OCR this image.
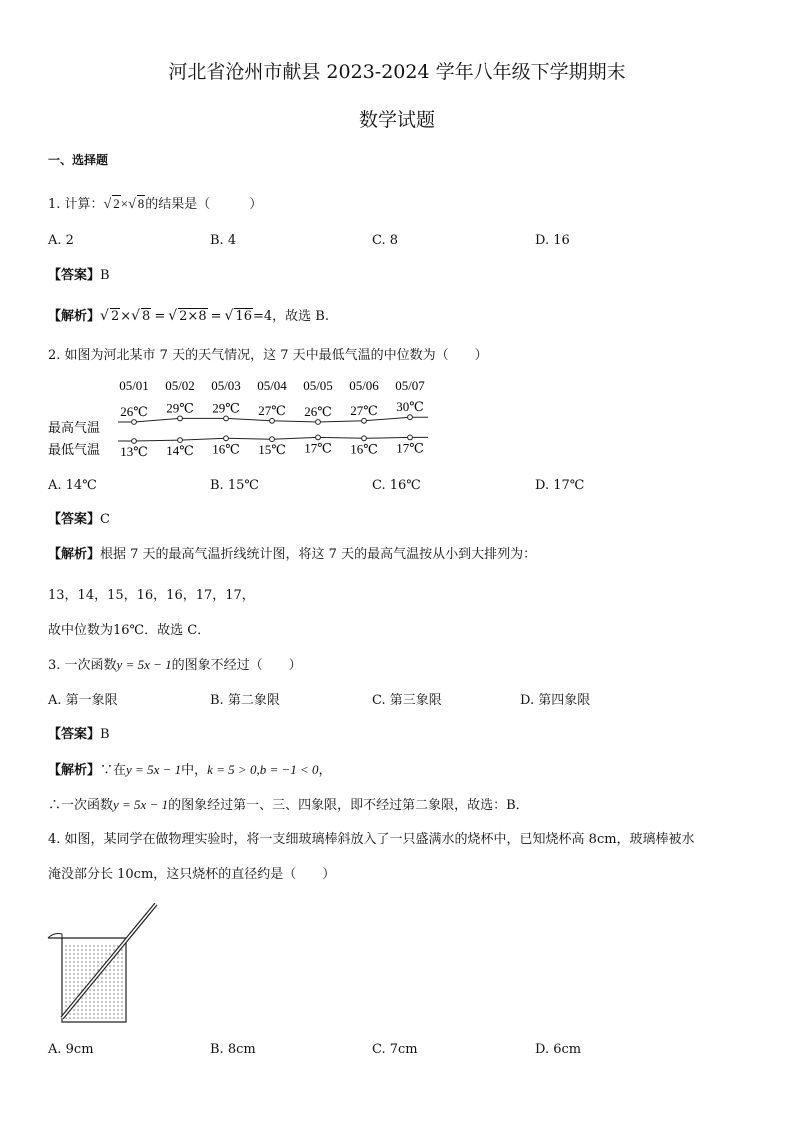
河北省沧州市献县 2023-2024 学年八年级下学期期末
数学试题
一、选择题
1. 计算：√ 2×√ 8的结果是（　　　）
A. 2	B. 4	C. 8	D. 16
【答案】B
【解析】√ 2×√ 8 = √ 2×8 = √ 16=4，故选 B.
2. 如图为河北某市 7 天的天气情况，这 7 天中最低气温的中位数为（　　）
05/01 05/02 05/03 05/04 05/05 05/06 05/07
最高气温
最低气温
26℃
13℃
29℃
14℃
29℃
16℃
27℃
15℃
26℃
17℃
27℃
16℃
30℃
17℃
A. 14℃	B. 15℃	C. 16℃	D. 17℃
【答案】C
【解析】根据 7 天的最高气温折线统计图，将这 7 天的最高气温按从小到大排列为：
13，14，15，16，16，17，17，
故中位数为16℃．故选 C．
3. 一次函数y = 5x − 1的图象不经过（　　）
A. 第一象限	B. 第二象限	C. 第三象限	D. 第四象限
【答案】B
【解析】∵在y = 5x − 1中，k = 5 > 0,b = −1 < 0，
∴一次函数y = 5x − 1的图象经过第一、三、四象限，即不经过第二象限，故选：B．
4. 如图，某同学在做物理实验时，将一支细玻璃棒斜放入了一只盛满水的烧杯中，已知烧杯高 8cm，玻璃棒被水
淹没部分长 10cm，这只烧杯的直径约是（　　）
A. 9cm	B. 8cm	C. 7cm	D. 6cm
